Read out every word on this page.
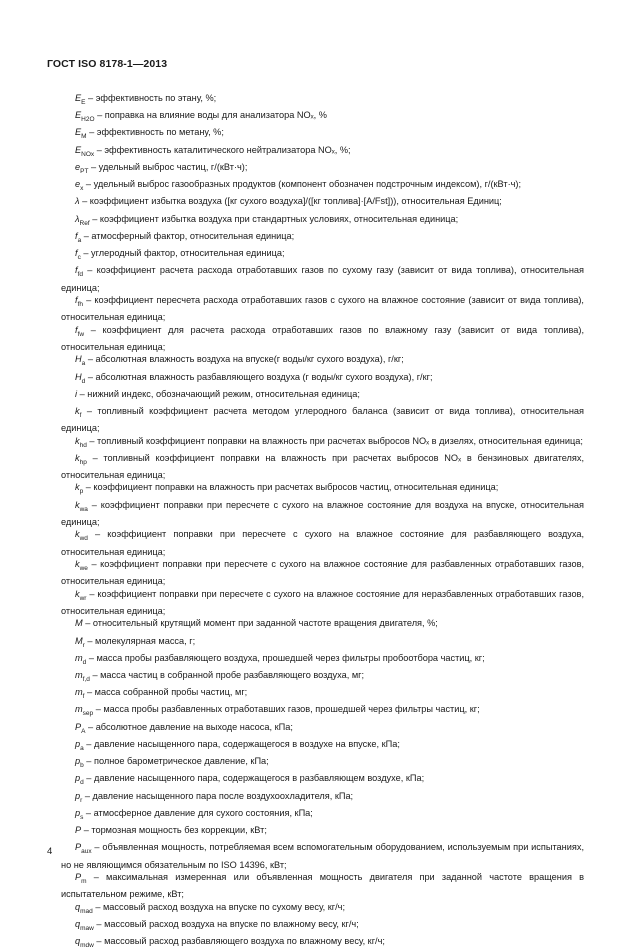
ГОСТ ISO 8178-1—2013

$E_E$ – эффективность по этану, %;

$E_{H2O}$ – поправка на влияние воды для анализатора NOₓ, %

$E_M$ – эффективность по метану, %;

$E_{NOx}$ – эффективность каталитического нейтрализатора NOₓ, %;

$e_{PT}$ – удельный выброс частиц, г/(кВт·ч);

$e_x$ – удельный выброс газообразных продуктов (компонент обозначен подстрочным индексом), г/(кВт·ч);

λ – коэффициент избытка воздуха ([кг сухого воздуха]/([кг топлива]·[A/Fst])), относительная Единиц;

$\lambda_{Ref}$ – коэффициент избытка воздуха при стандартных условиях, относительная единица;

$f_a$ – атмосферный фактор, относительная единица;

$f_c$ – углеродный фактор, относительная единица;

$f_{fd}$ – коэффициент расчета расхода отработавших газов по сухому газу (зависит от вида топлива), относительная единица;

$f_{fh}$ – коэффициент пересчета расхода отработавших газов с сухого на влажное состояние (зависит от вида топлива), относительная единица;

$f_{fw}$ – коэффициент для расчета расхода отработавших газов по влажному газу (зависит от вида топлива), относительная единица;

$H_a$ – абсолютная влажность воздуха на впуске(г воды/кг сухого воздуха), г/кг;

$H_d$ – абсолютная влажность разбавляющего воздуха (г воды/кг сухого воздуха), г/кг;

i – нижний индекс, обозначающий режим, относительная единица;

$k_f$ – топливный коэффициент расчета методом углеродного баланса (зависит от вида топлива), относительная единица;

$k_{hd}$ – топливный коэффициент поправки на влажность при расчетах выбросов NOₓ в дизелях, относительная единица;

$k_{hp}$ – топливный коэффициент поправки на влажность при расчетах выбросов NOₓ в бензиновых двигателях, относительная единица;

$k_p$ – коэффициент поправки на влажность при расчетах выбросов частиц, относительная единица;

$k_{wa}$ – коэффициент поправки при пересчете с сухого на влажное состояние для воздуха на впуске, относительная единица;

$k_{wd}$ – коэффициент поправки при пересчете с сухого на влажное состояние для разбавляющего воздуха, относительная единица;

$k_{we}$ – коэффициент поправки при пересчете с сухого на влажное состояние для разбавленных отработавших газов, относительная единица;

$k_{wr}$ – коэффициент поправки при пересчете с сухого на влажное состояние для неразбавленных отработавших газов, относительная единица;

M – относительный крутящий момент при заданной частоте вращения двигателя, %;

$M_r$ – молекулярная масса, г;

$m_d$ – масса пробы разбавляющего воздуха, прошедшей через фильтры пробоотбора частиц, кг;

$m_{f,d}$ – масса частиц в собранной пробе разбавляющего воздуха, мг;

$m_f$ – масса собранной пробы частиц, мг;

$m_{sep}$ – масса пробы разбавленных отработавших газов, прошедшей через фильтры частиц, кг;

$P_A$ – абсолютное давление на выходе насоса, кПа;

$p_a$ – давление насыщенного пара, содержащегося в воздухе на впуске, кПа;

$p_b$ – полное барометрическое давление, кПа;

$p_d$ – давление насыщенного пара, содержащегося в разбавляющем воздухе, кПа;

$p_r$ – давление насыщенного пара после воздухоохладителя, кПа;

$p_s$ – атмосферное давление для сухого состояния, кПа;

P – тормозная мощность без коррекции, кВт;

$P_{aux}$ – объявленная мощность, потребляемая всем вспомогательным оборудованием, используемым при испытаниях, но не являющимся обязательным по ISO 14396, кВт;

$P_m$ – максимальная измеренная или объявленная мощность двигателя при заданной частоте вращения в испытательном режиме, кВт;

$q_{mad}$ – массовый расход воздуха на впуске по сухому весу, кг/ч;

$q_{maw}$ – массовый расход воздуха на впуске по влажному весу, кг/ч;

$q_{mdw}$ – массовый расход разбавляющего воздуха по влажному весу, кг/ч;

4
